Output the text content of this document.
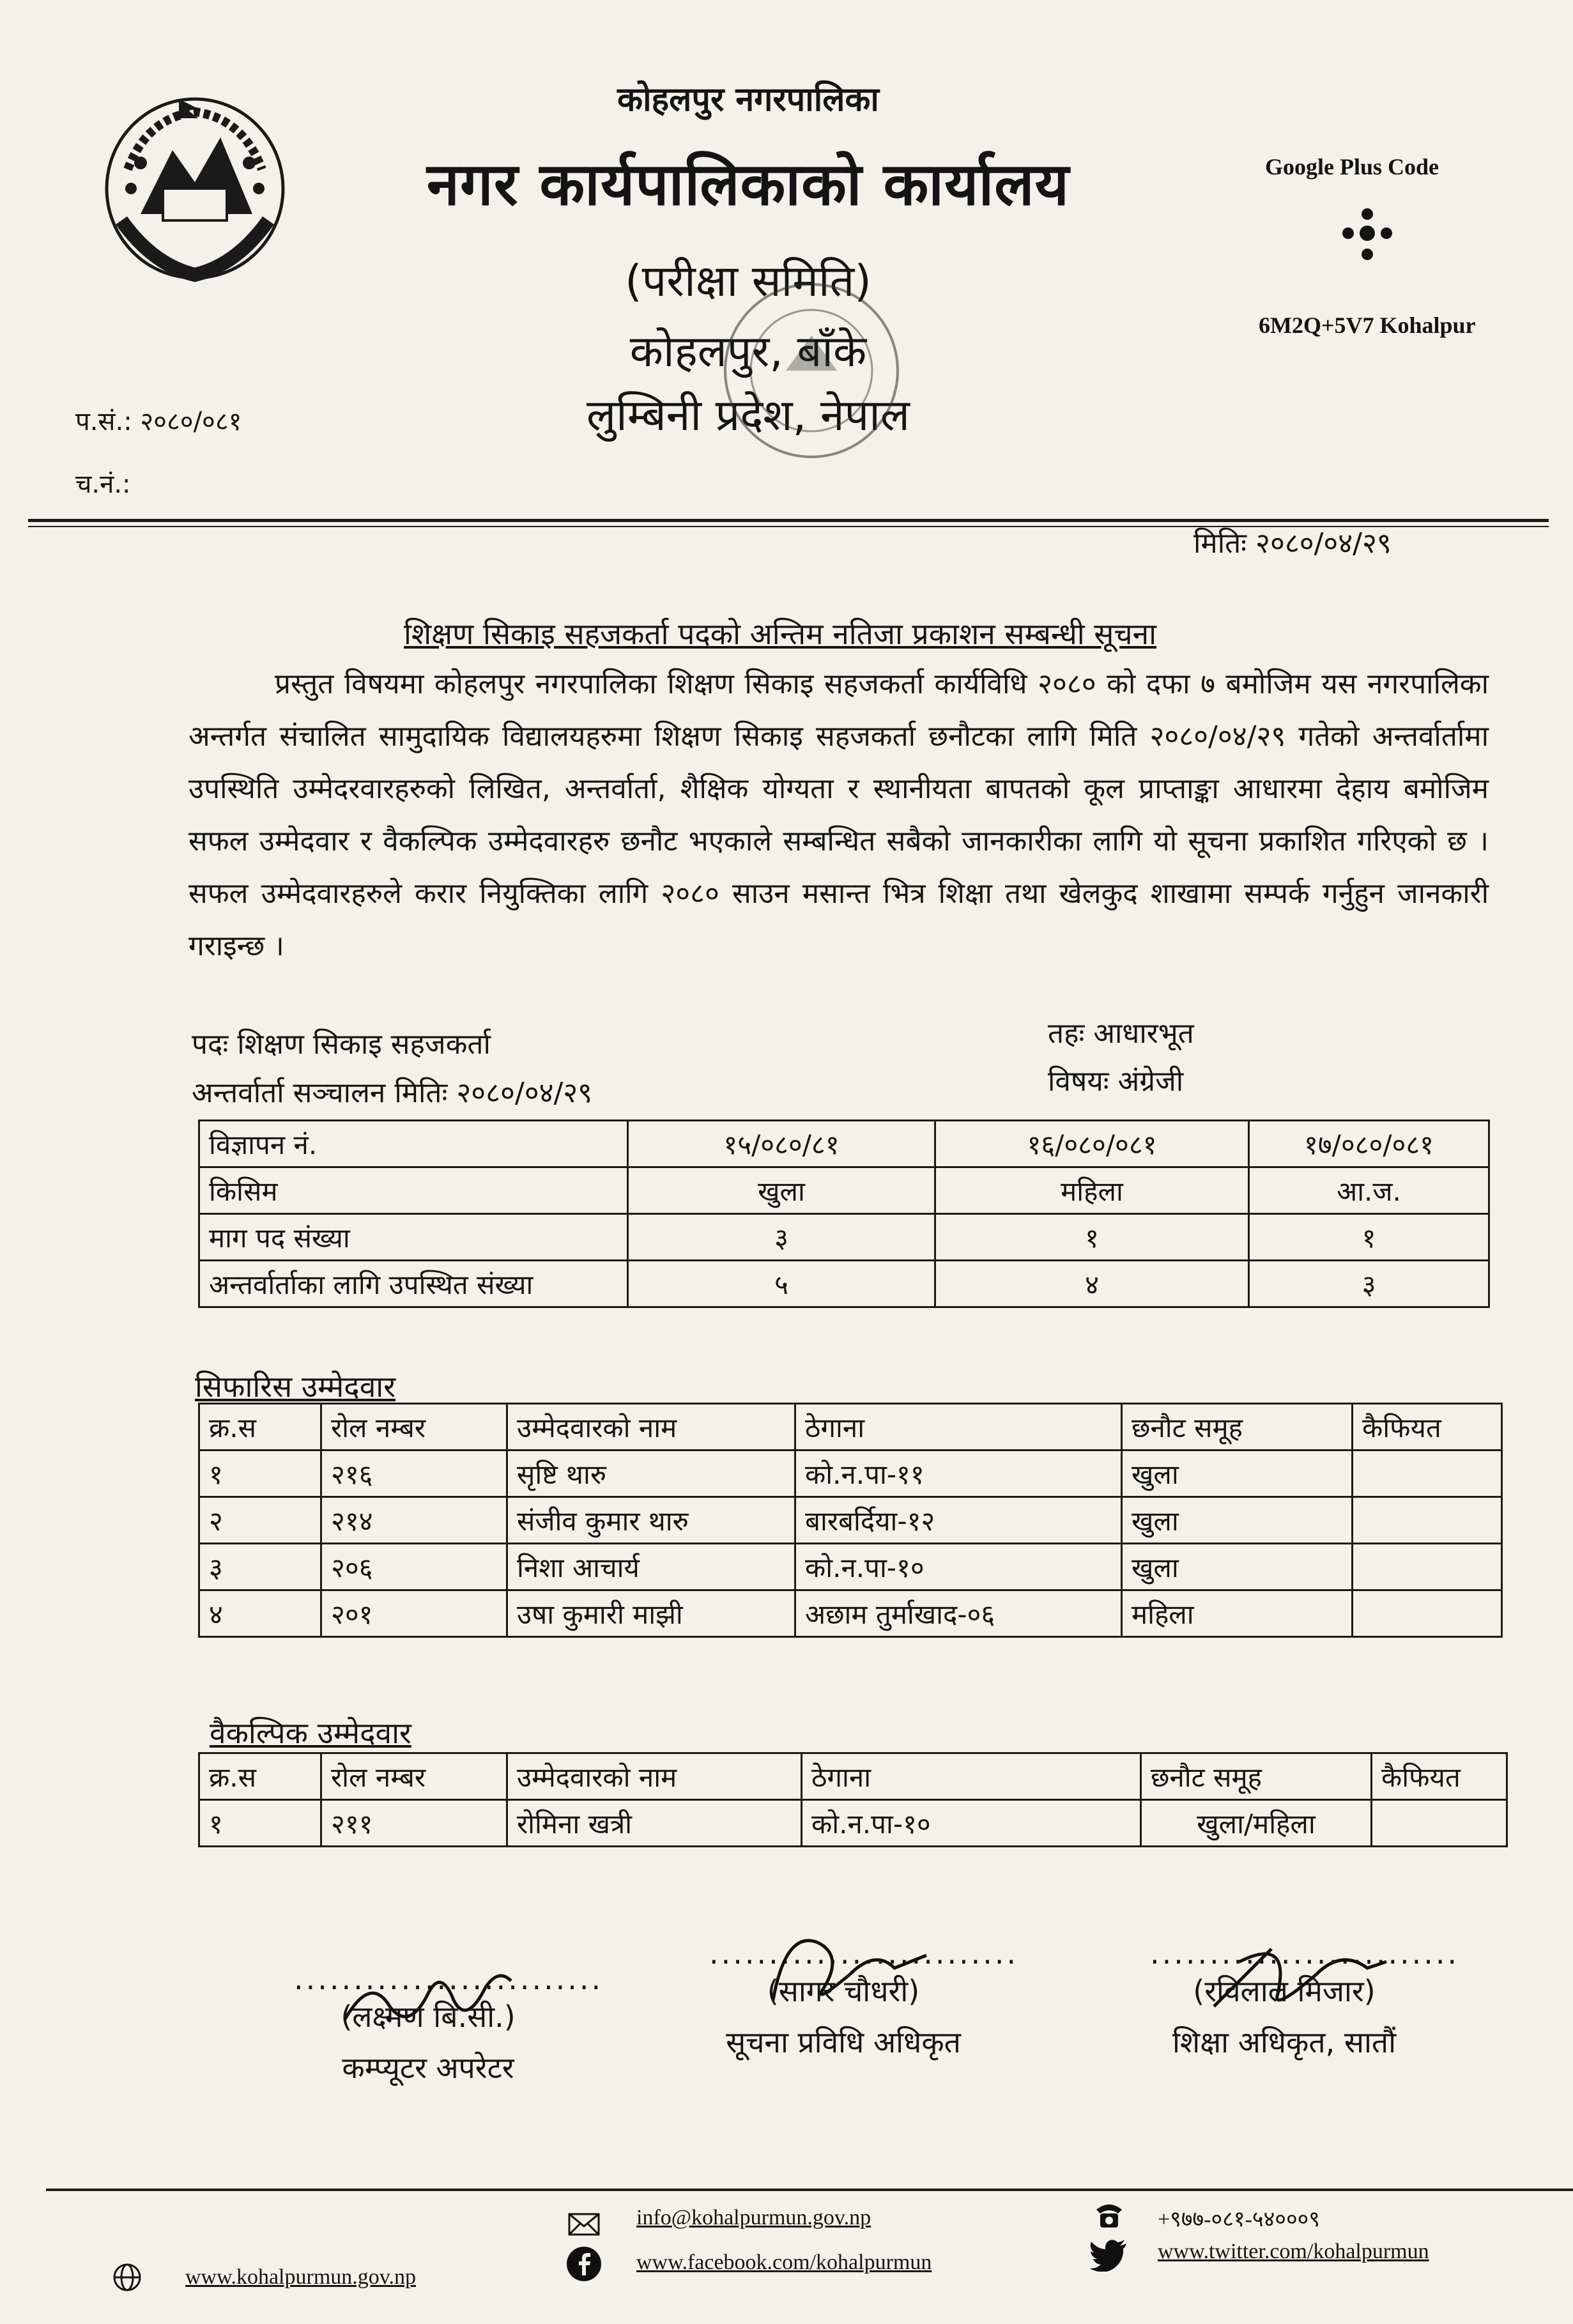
कोहलपुर नगरपालिका
नगर कार्यपालिकाको कार्यालय
(परीक्षा समिति)
कोहलपुर, बाँके
लुम्बिनी प्रदेश, नेपाल
Google Plus Code
6M2Q+5V7 Kohalpur
प.सं.: २०८०/०८१
च.नं.:
मितिः २०८०/०४/२९
शिक्षण सिकाइ सहजकर्ता पदको अन्तिम नतिजा प्रकाशन सम्बन्धी सूचना
प्रस्तुत विषयमा कोहलपुर नगरपालिका शिक्षण सिकाइ सहजकर्ता कार्यविधि २०८० को दफा ७ बमोजिम यस नगरपालिका अन्तर्गत संचालित सामुदायिक विद्यालयहरुमा शिक्षण सिकाइ सहजकर्ता छनौटका लागि मिति २०८०/०४/२९ गतेको अन्तर्वार्तामा उपस्थिति उम्मेदरवारहरुको लिखित, अन्तर्वार्ता, शैक्षिक योग्यता र स्थानीयता बापतको कूल प्राप्ताङ्का आधारमा देहाय बमोजिम सफल उम्मेदवार र वैकल्पिक उम्मेदवारहरु छनौट भएकाले सम्बन्धित सबैको जानकारीका लागि यो सूचना प्रकाशित गरिएको छ । सफल उम्मेदवारहरुले करार नियुक्तिका लागि २०८० साउन मसान्त भित्र शिक्षा तथा खेलकुद शाखामा सम्पर्क गर्नुहुन जानकारी गराइन्छ ।
पदः शिक्षण सिकाइ सहजकर्ता	तहः आधारभूत
अन्तर्वार्ता सञ्चालन मितिः २०८०/०४/२९	विषयः अंग्रेजी
विज्ञापन नं.	१५/०८०/८१	१६/०८०/०८१	१७/०८०/०८१
किसिम	खुला	महिला	आ.ज.
माग पद संख्या	३	१	१
अन्तर्वार्ताका लागि उपस्थित संख्या	५	४	३
सिफारिस उम्मेदवार
क्र.स	रोल नम्बर	उम्मेदवारको नाम	ठेगाना	छनौट समूह	कैफियत
१	२१६	सृष्टि थारु	को.न.पा-११	खुला	
२	२१४	संजीव कुमार थारु	बारबर्दिया-१२	खुला	
३	२०६	निशा आचार्य	को.न.पा-१०	खुला	
४	२०१	उषा कुमारी माझी	अछाम तुर्माखाद-०६	महिला	
वैकल्पिक उम्मेदवार
क्र.स	रोल नम्बर	उम्मेदवारको नाम	ठेगाना	छनौट समूह	कैफियत
१	२११	रोमिना खत्री	को.न.पा-१०	खुला/महिला	
..........................
(लक्ष्मण बि.सी.)
कम्प्यूटर अपरेटर
..........................
(सागर चौधरी)
सूचना प्रविधि अधिकृत
..........................
(रविलाल मिजार)
शिक्षा अधिकृत, सातौं
www.kohalpurmun.gov.np
info@kohalpurmun.gov.np
www.facebook.com/kohalpurmun
+९७७-०८१-५४०००९
www.twitter.com/kohalpurmun
